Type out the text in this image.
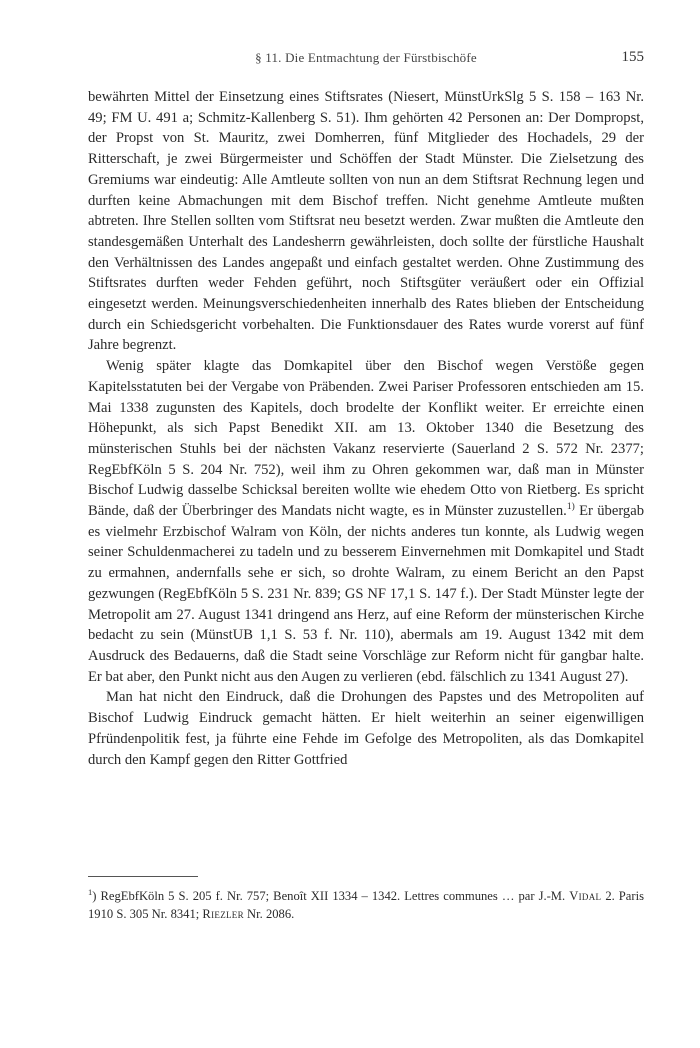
§ 11. Die Entmachtung der Fürstbischöfe	155

bewährten Mittel der Einsetzung eines Stiftsrates (Niesert, MünstUrkSlg 5 S. 158 – 163 Nr. 49; FM U. 491 a; Schmitz-Kallenberg S. 51). Ihm gehörten 42 Personen an: Der Dompropst, der Propst von St. Mauritz, zwei Domherren, fünf Mitglieder des Hochadels, 29 der Ritterschaft, je zwei Bürgermeister und Schöffen der Stadt Münster. Die Zielsetzung des Gremiums war eindeutig: Alle Amtleute sollten von nun an dem Stiftsrat Rechnung legen und durften keine Abmachungen mit dem Bischof treffen. Nicht genehme Amtleute mußten abtreten. Ihre Stellen sollten vom Stiftsrat neu besetzt werden. Zwar mußten die Amtleute den standesgemäßen Unterhalt des Landesherrn gewährleisten, doch sollte der fürstliche Haushalt den Verhältnissen des Landes angepaßt und einfach gestaltet werden. Ohne Zustimmung des Stiftsrates durften weder Fehden geführt, noch Stiftsgüter veräußert oder ein Offizial eingesetzt werden. Meinungsverschiedenheiten innerhalb des Rates blieben der Entscheidung durch ein Schiedsgericht vorbehalten. Die Funktionsdauer des Rates wurde vorerst auf fünf Jahre begrenzt.

Wenig später klagte das Domkapitel über den Bischof wegen Verstöße gegen Kapitelsstatuten bei der Vergabe von Präbenden. Zwei Pariser Professoren entschieden am 15. Mai 1338 zugunsten des Kapitels, doch brodelte der Konflikt weiter. Er erreichte einen Höhepunkt, als sich Papst Benedikt XII. am 13. Oktober 1340 die Besetzung des münsterischen Stuhls bei der nächsten Vakanz reservierte (Sauerland 2 S. 572 Nr. 2377; RegEbfKöln 5 S. 204 Nr. 752), weil ihm zu Ohren gekommen war, daß man in Münster Bischof Ludwig dasselbe Schicksal bereiten wollte wie ehedem Otto von Rietberg. Es spricht Bände, daß der Überbringer des Mandats nicht wagte, es in Münster zuzustellen.$^{1)}$ Er übergab es vielmehr Erzbischof Walram von Köln, der nichts anderes tun konnte, als Ludwig wegen seiner Schuldenmacherei zu tadeln und zu besserem Einvernehmen mit Domkapitel und Stadt zu ermahnen, andernfalls sehe er sich, so drohte Walram, zu einem Bericht an den Papst gezwungen (RegEbfKöln 5 S. 231 Nr. 839; GS NF 17,1 S. 147 f.). Der Stadt Münster legte der Metropolit am 27. August 1341 dringend ans Herz, auf eine Reform der münsterischen Kirche bedacht zu sein (MünstUB 1,1 S. 53 f. Nr. 110), abermals am 19. August 1342 mit dem Ausdruck des Bedauerns, daß die Stadt seine Vorschläge zur Reform nicht für gangbar halte. Er bat aber, den Punkt nicht aus den Augen zu verlieren (ebd. fälschlich zu 1341 August 27).

Man hat nicht den Eindruck, daß die Drohungen des Papstes und des Metropoliten auf Bischof Ludwig Eindruck gemacht hätten. Er hielt weiterhin an seiner eigenwilligen Pfründenpolitik fest, ja führte eine Fehde im Gefolge des Metropoliten, als das Domkapitel durch den Kampf gegen den Ritter Gottfried

$^1$) RegEbfKöln 5 S. 205 f. Nr. 757; Benoît XII 1334 – 1342. Lettres communes … par J.-M. Vidal 2. Paris 1910 S. 305 Nr. 8341; Riezler Nr. 2086.
